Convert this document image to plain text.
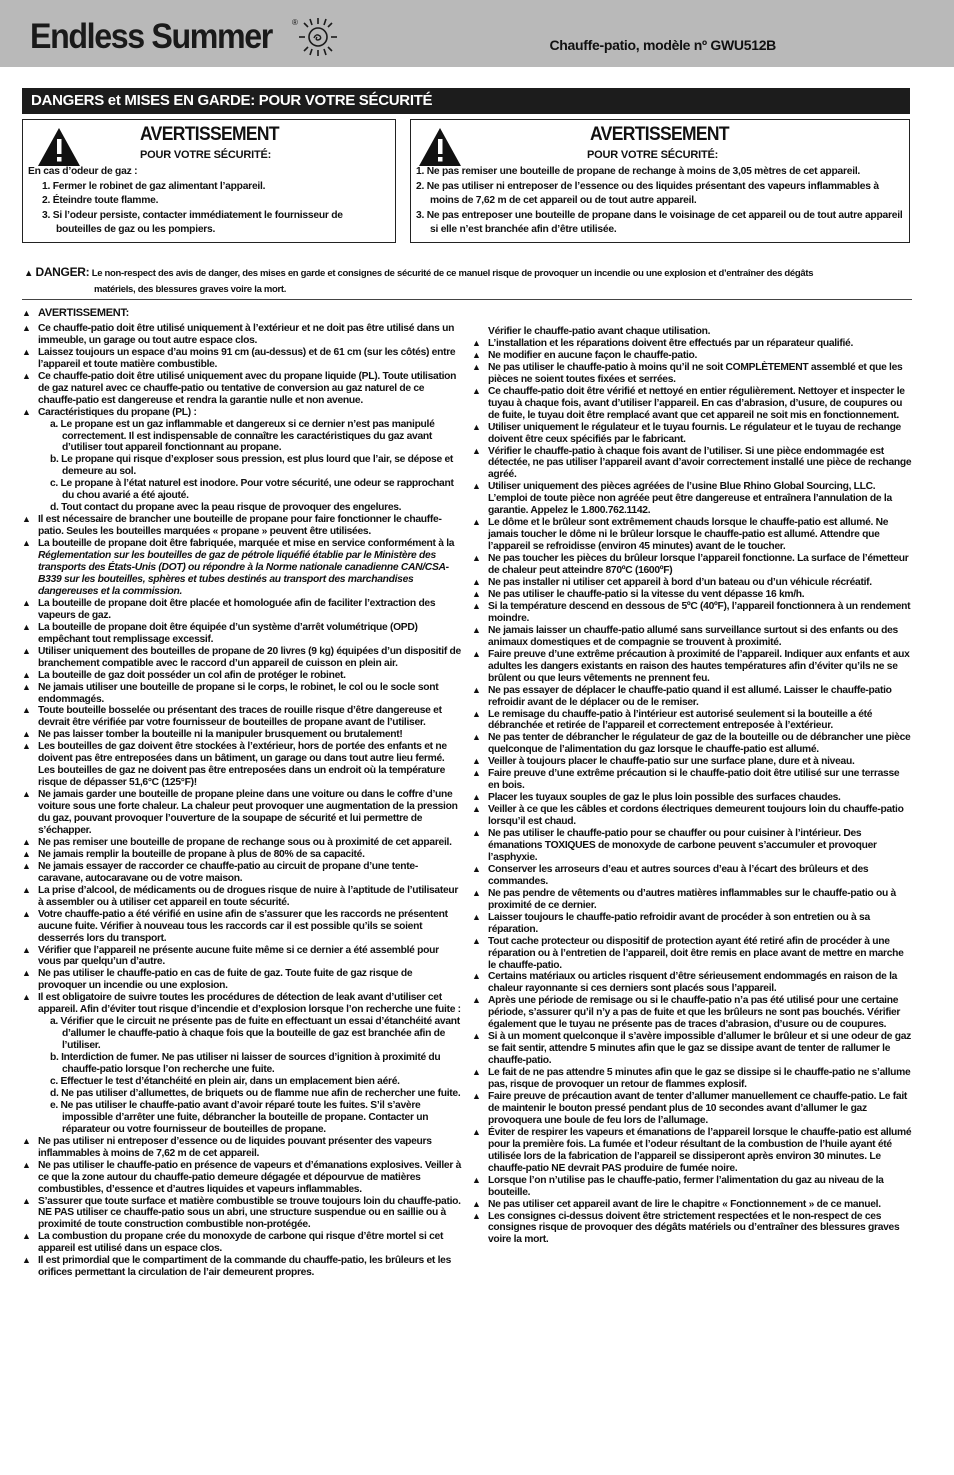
Endless Summer	®
Chauffe-patio, modèle nº GWU512B
DANGERS et MISES EN GARDE: POUR VOTRE SÉCURITÉ
AVERTISSEMENT
POUR VOTRE SÉCURITÉ:
En cas d’odeur de gaz :
1. Fermer le robinet de gaz alimentant l’appareil.
2. Éteindre toute flamme.
3. Si l’odeur persiste, contacter immédiatement le fournisseur de bouteilles de gaz ou les pompiers.
AVERTISSEMENT
POUR VOTRE SÉCURITÉ:
1. Ne pas remiser une bouteille de propane de rechange à moins de 3,05 mètres de cet appareil.
2. Ne pas utiliser ni entreposer de l’essence ou des liquides présentant des vapeurs inflammables à moins de 7,62 m de cet appareil ou de tout autre appareil.
3. Ne pas entreposer une bouteille de propane dans le voisinage de cet appareil ou de tout autre appareil si elle n’est branchée afin d’être utilisée.
▲ DANGER: Le non-respect des avis de danger, des mises en garde et consignes de sécurité de ce manuel risque de provoquer un incendie ou une explosion et d’entraîner des dégâts
matériels, des blessures graves voire la mort.
▲ AVERTISSEMENT:

▲ Ce chauffe-patio doit être utilisé uniquement à l’extérieur et ne doit pas être utilisé dans un immeuble, un garage ou tout autre espace clos.

▲ Laissez toujours un espace d’au moins 91 cm (au-dessus) et de 61 cm (sur les côtés) entre l’appareil et toute matière combustible.

▲ Ce chauffe-patio doit être utilisé uniquement avec du propane liquide (PL). Toute utilisation de gaz naturel avec ce chauffe-patio ou tentative de conversion au gaz naturel de ce chauffe-patio est dangereuse et rendra la garantie nulle et non avenue.

▲ Caractéristiques du propane (PL) :

a. Le propane est un gaz inflammable et dangereux si ce dernier n’est pas manipulé correctement. Il est indispensable de connaître les caractéristiques du gaz avant d’utiliser tout appareil fonctionnant au propane.

b. Le propane qui risque d’exploser sous pression, est plus lourd que l’air, se dépose et demeure au sol.

c. Le propane à l’état naturel est inodore. Pour votre sécurité, une odeur se rapprochant du chou avarié a été ajouté.

d. Tout contact du propane avec la peau risque de provoquer des engelures.

▲ Il est nécessaire de brancher une bouteille de propane pour faire fonctionner le chauffe-patio. Seules les bouteilles marquées « propane » peuvent être utilisées.

▲ La bouteille de propane doit être fabriquée, marquée et mise en service conformément à la Réglementation sur les bouteilles de gaz de pétrole liquéfié établie par le Ministère des transports des États-Unis (DOT) ou répondre à la Norme nationale canadienne CAN/CSA-B339 sur les bouteilles, sphères et tubes destinés au transport des marchandises dangereuses et la commission.

▲ La bouteille de propane doit être placée et homologuée afin de faciliter l’extraction des vapeurs de gaz.

▲ La bouteille de propane doit être équipée d’un système d’arrêt volumétrique (OPD) empêchant tout remplissage excessif.

▲ Utiliser uniquement des bouteilles de propane de 20 livres (9 kg) équipées d’un dispositif de branchement compatible avec le raccord d’un appareil de cuisson en plein air.

▲ La bouteille de gaz doit posséder un col afin de protéger le robinet.

▲ Ne jamais utiliser une bouteille de propane si le corps, le robinet, le col ou le socle sont endommagés.

▲ Toute bouteille bosselée ou présentant des traces de rouille risque d’être dangereuse et devrait être vérifiée par votre fournisseur de bouteilles de propane avant de l’utiliser.

▲ Ne pas laisser tomber la bouteille ni la manipuler brusquement ou brutalement!

▲ Les bouteilles de gaz doivent être stockées à l’extérieur, hors de portée des enfants et ne doivent pas être entreposées dans un bâtiment, un garage ou dans tout autre lieu fermé. Les bouteilles de gaz ne doivent pas être entreposées dans un endroit où la température risque de dépasser 51,6°C (125°F)!

▲ Ne jamais garder une bouteille de propane pleine dans une voiture ou dans le coffre d’une voiture sous une forte chaleur. La chaleur peut provoquer une augmentation de la pression du gaz, pouvant provoquer l’ouverture de la soupape de sécurité et lui permettre de s’échapper.

▲ Ne pas remiser une bouteille de propane de rechange sous ou à proximité de cet appareil.

▲ Ne jamais remplir la bouteille de propane à plus de 80% de sa capacité.

▲ Ne jamais essayer de raccorder ce chauffe-patio au circuit de propane d’une tente-caravane, autocaravane ou de votre maison.

▲ La prise d’alcool, de médicaments ou de drogues risque de nuire à l’aptitude de l’utilisateur à assembler ou à utiliser cet appareil en toute sécurité.

▲ Votre chauffe-patio a été vérifié en usine afin de s’assurer que les raccords ne présentent aucune fuite. Vérifier à nouveau tous les raccords car il est possible qu’ils se soient desserrés lors du transport.

▲ Vérifier que l’appareil ne présente aucune fuite même si ce dernier a été assemblé pour vous par quelqu’un d’autre.

▲ Ne pas utiliser le chauffe-patio en cas de fuite de gaz. Toute fuite de gaz risque de provoquer un incendie ou une explosion.

▲ Il est obligatoire de suivre toutes les procédures de détection de leak avant d’utiliser cet appareil. Afin d’éviter tout risque d’incendie et d’explosion lorsque l’on recherche une fuite :

a. Vérifier que le circuit ne présente pas de fuite en effectuant un essai d’étanchéité avant d’allumer le chauffe-patio à chaque fois que la bouteille de gaz est branchée afin de l’utiliser.

b. Interdiction de fumer. Ne pas utiliser ni laisser de sources d’ignition à proximité du chauffe-patio lorsque l’on recherche une fuite.

c. Effectuer le test d’étanchéité en plein air, dans un emplacement bien aéré.

d. Ne pas utiliser d’allumettes, de briquets ou de flamme nue afin de rechercher une fuite.

e. Ne pas utiliser le chauffe-patio avant d’avoir réparé toute les fuites. S’il s’avère impossible d’arrêter une fuite, débrancher la bouteille de propane. Contacter un réparateur ou votre fournisseur de bouteilles de propane.

▲ Ne pas utiliser ni entreposer d’essence ou de liquides pouvant présenter des vapeurs inflammables à moins de 7,62 m de cet appareil.

▲ Ne pas utiliser le chauffe-patio en présence de vapeurs et d’émanations explosives. Veiller à ce que la zone autour du chauffe-patio demeure dégagée et dépourvue de matières combustibles, d’essence et d’autres liquides et vapeurs inflammables.

▲ S’assurer que toute surface et matière combustible se trouve toujours loin du chauffe-patio. NE PAS utiliser ce chauffe-patio sous un abri, une structure suspendue ou en saillie ou à proximité de toute construction combustible non-protégée.

▲ La combustion du propane crée du monoxyde de carbone qui risque d’être mortel si cet appareil est utilisé dans un espace clos.

▲ Il est primordial que le compartiment de la commande du chauffe-patio, les brûleurs et les orifices permettant la circulation de l’air demeurent propres.

Vérifier le chauffe-patio avant chaque utilisation.

▲ L’installation et les réparations doivent être effectués par un réparateur qualifié.

▲ Ne modifier en aucune façon le chauffe-patio.

▲ Ne pas utiliser le chauffe-patio à moins qu’il ne soit COMPLÈTEMENT assemblé et que les pièces ne soient toutes fixées et serrées.

▲ Ce chauffe-patio doit être vérifié et nettoyé en entier régulièrement. Nettoyer et inspecter le tuyau à chaque fois, avant d’utiliser l’appareil. En cas d’abrasion, d’usure, de coupures ou de fuite, le tuyau doit être remplacé avant que cet appareil ne soit mis en fonctionnement.

▲ Utiliser uniquement le régulateur et le tuyau fournis. Le régulateur et le tuyau de rechange doivent être ceux spécifiés par le fabricant.

▲ Vérifier le chauffe-patio à chaque fois avant de l’utiliser. Si une pièce endommagée est détectée, ne pas utiliser l’appareil avant d’avoir correctement installé une pièce de rechange agréé.

▲ Utiliser uniquement des pièces agréées de l’usine Blue Rhino Global Sourcing, LLC. L’emploi de toute pièce non agréée peut être dangereuse et entraînera l’annulation de la garantie. Appelez le 1.800.762.1142.

▲ Le dôme et le brûleur sont extrêmement chauds lorsque le chauffe-patio est allumé. Ne jamais toucher le dôme ni le brûleur lorsque le chauffe-patio est allumé. Attendre que l’appareil se refroidisse (environ 45 minutes) avant de le toucher.

▲ Ne pas toucher les pièces du brûleur lorsque l’appareil fonctionne. La surface de l’émetteur de chaleur peut atteindre 870ºC (1600ºF)

▲ Ne pas installer ni utiliser cet appareil à bord d’un bateau ou d’un véhicule récréatif.

▲ Ne pas utiliser le chauffe-patio si la vitesse du vent dépasse 16 km/h.

▲ Si la température descend en dessous de 5ºC (40ºF), l’appareil fonctionnera à un rendement moindre.

▲ Ne jamais laisser un chauffe-patio allumé sans surveillance surtout si des enfants ou des animaux domestiques et de compagnie se trouvent à proximité.

▲ Faire preuve d’une extrême précaution à proximité de l’appareil. Indiquer aux enfants et aux adultes les dangers existants en raison des hautes températures afin d’éviter qu’ils ne se brûlent ou que leurs vêtements ne prennent feu.

▲ Ne pas essayer de déplacer le chauffe-patio quand il est allumé. Laisser le chauffe-patio refroidir avant de le déplacer ou de le remiser.

▲ Le remisage du chauffe-patio à l’intérieur est autorisé seulement si la bouteille a été débranchée et retirée de l’appareil et correctement entreposée à l’extérieur.

▲ Ne pas tenter de débrancher le régulateur de gaz de la bouteille ou de débrancher une pièce quelconque de l’alimentation du gaz lorsque le chauffe-patio est allumé.

▲ Veiller à toujours placer le chauffe-patio sur une surface plane, dure et à niveau.

▲ Faire preuve d’une extrême précaution si le chauffe-patio doit être utilisé sur une terrasse en bois.

▲ Placer les tuyaux souples de gaz le plus loin possible des surfaces chaudes.

▲ Veiller à ce que les câbles et cordons électriques demeurent toujours loin du chauffe-patio lorsqu’il est chaud.

▲ Ne pas utiliser le chauffe-patio pour se chauffer ou pour cuisiner à l’intérieur. Des émanations TOXIQUES de monoxyde de carbone peuvent s’accumuler et provoquer l’asphyxie.

▲ Conserver les arroseurs d’eau et autres sources d’eau à l’écart des brûleurs et des commandes.

▲ Ne pas pendre de vêtements ou d’autres matières inflammables sur le chauffe-patio ou à proximité de ce dernier.

▲ Laisser toujours le chauffe-patio refroidir avant de procéder à son entretien ou à sa réparation.

▲ Tout cache protecteur ou dispositif de protection ayant été retiré afin de procéder à une réparation ou à l’entretien de l’appareil, doit être remis en place avant de mettre en marche le chauffe-patio.

▲ Certains matériaux ou articles risquent d’être sérieusement endommagés en raison de la chaleur rayonnante si ces derniers sont placés sous l’appareil.

▲ Après une période de remisage ou si le chauffe-patio n’a pas été utilisé pour une certaine période, s’assurer qu’il n’y a pas de fuite et que les brûleurs ne sont pas bouchés. Vérifier également que le tuyau ne présente pas de traces d’abrasion, d’usure ou de coupures.

▲ Si à un moment quelconque il s’avère impossible d’allumer le brûleur et si une odeur de gaz se fait sentir, attendre 5 minutes afin que le gaz se dissipe avant de tenter de rallumer le chauffe-patio.

▲ Le fait de ne pas attendre 5 minutes afin que le gaz se dissipe si le chauffe-patio ne s’allume pas, risque de provoquer un retour de flammes explosif.

▲ Faire preuve de précaution avant de tenter d’allumer manuellement ce chauffe-patio. Le fait de maintenir le bouton pressé pendant plus de 10 secondes avant d’allumer le gaz provoquera une boule de feu lors de l’allumage.

▲ Éviter de respirer les vapeurs et émanations de l’appareil lorsque le chauffe-patio est allumé pour la première fois. La fumée et l’odeur résultant de la combustion de l’huile ayant été utilisée lors de la fabrication de l’appareil se dissiperont après environ 30 minutes. Le chauffe-patio NE devrait PAS produire de fumée noire.

▲ Lorsque l’on n’utilise pas le chauffe-patio, fermer l’alimentation du gaz au niveau de la bouteille.

▲ Ne pas utiliser cet appareil avant de lire le chapitre « Fonctionnement » de ce manuel.

▲ Les consignes ci-dessus doivent être strictement respectées et le non-respect de ces consignes risque de provoquer des dégâts matériels ou d’entraîner des blessures graves voire la mort.
